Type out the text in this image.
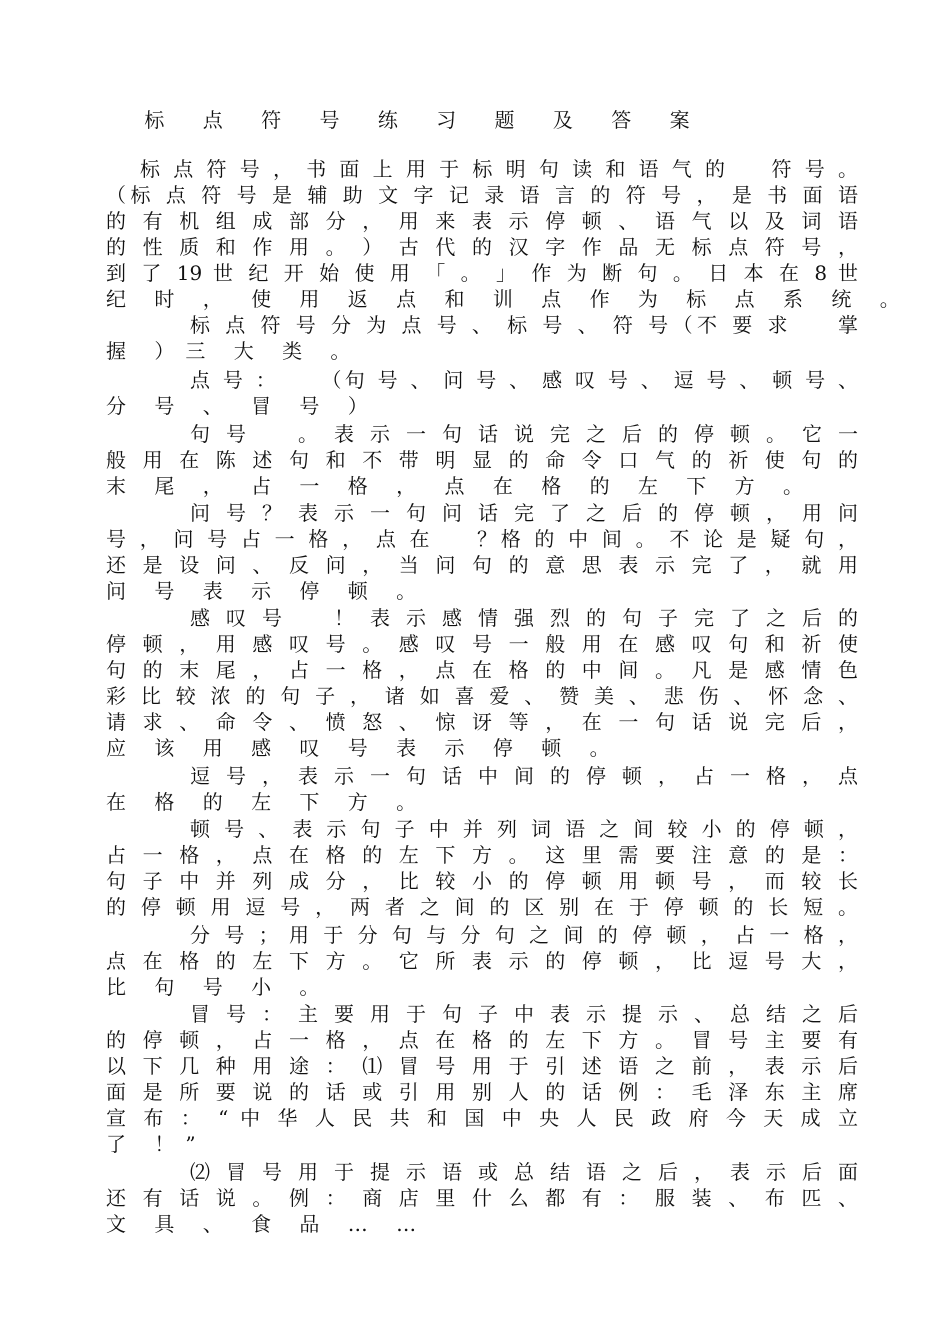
标 点 符 号 练 习 题 及 答 案
标 点 符 号 ， 书 面 上 用 于 标 明 句 读 和 语 气 的 　 符 号 。
（标 点 符 号 是 辅 助 文 字 记 录 语 言 的 符 号 ， 是 书 面 语
的 有 机 组 成 部 分 ， 用 来 表 示 停 顿 、 语 气 以 及 词 语
的 性 质 和 作 用 。 ） 古 代 的 汉 字 作 品 无 标 点 符 号 ，
到 了 19 世 纪 开 始 使 用 「 。 」 作 为 断 句 。 日 本 在 8 世
纪 时 ， 使 用 返 点 和 训 点 作 为 标 点 系 统 。
标 点 符 号 分 为 点 号 、 标 号 、 符 号（不 要 求 　 掌
握 ）三 大 类 。
点 号 ： 　 （句 号 、 问 号 、 感 叹 号 、 逗 号 、 顿 号 、
分 号 、 冒 号 ）
句 号 　 。 表 示 一 句 话 说 完 之 后 的 停 顿 。 它 一
般 用 在 陈 述 句 和 不 带 明 显 的 命 令 口 气 的 祈 使 句 的
末 尾 ， 占 一 格 ， 点 在 格 的 左 下 方 。
问 号 ？ 表 示 一 句 问 话 完 了 之 后 的 停 顿 ， 用 问
号 ， 问 号 占 一 格 ， 点 在 　 ？格 的 中 间 。 不 论 是 疑 句 ，
还 是 设 问 、 反 问 ， 当 问 句 的 意 思 表 示 完 了 ， 就 用
问 号 表 示 停 顿 。
感 叹 号 　 ！ 表 示 感 情 强 烈 的 句 子 完 了 之 后 的
停 顿 ， 用 感 叹 号 。 感 叹 号 一 般 用 在 感 叹 句 和 祈 使
句 的 末 尾 ， 占 一 格 ， 点 在 格 的 中 间 。 凡 是 感 情 色
彩 比 较 浓 的 句 子 ， 诸 如 喜 爱 、 赞 美 、 悲 伤 、 怀 念 、
请 求 、 命 令 、 愤 怒 、 惊 讶 等 ， 在 一 句 话 说 完 后 ，
应 该 用 感 叹 号 表 示 停 顿 。
逗 号 ， 表 示 一 句 话 中 间 的 停 顿 ， 占 一 格 ， 点
在 格 的 左 下 方 。
顿 号 、 表 示 句 子 中 并 列 词 语 之 间 较 小 的 停 顿 ，
占 一 格 ， 点 在 格 的 左 下 方 。 这 里 需 要 注 意 的 是 ：
句 子 中 并 列 成 分 ， 比 较 小 的 停 顿 用 顿 号 ， 而 较 长
的 停 顿 用 逗 号 ， 两 者 之 间 的 区 别 在 于 停 顿 的 长 短 。
分 号 ； 用 于 分 句 与 分 句 之 间 的 停 顿 ， 占 一 格 ，
点 在 格 的 左 下 方 。 它 所 表 示 的 停 顿 ， 比 逗 号 大 ，
比 句 号 小 。
冒 号 ： 主 要 用 于 句 子 中 表 示 提 示 、 总 结 之 后
的 停 顿 ， 占 一 格 ， 点 在 格 的 左 下 方 。 冒 号 主 要 有
以 下 几 种 用 途 ： ⑴ 冒 号 用 于 引 述 语 之 前 ， 表 示 后
面 是 所 要 说 的 话 或 引 用 别 人 的 话 例 ： 毛 泽 东 主 席
宣 布 ： “ 中 华 人 民 共 和 国 中 央 人 民 政 府 今 天 成 立
了 ！”
⑵ 冒 号 用 于 提 示 语 或 总 结 语 之 后 ， 表 示 后 面
还 有 话 说 。 例 ： 商 店 里 什 么 都 有 ： 服 装 、 布 匹 、
文 具 、 食 品 … …
